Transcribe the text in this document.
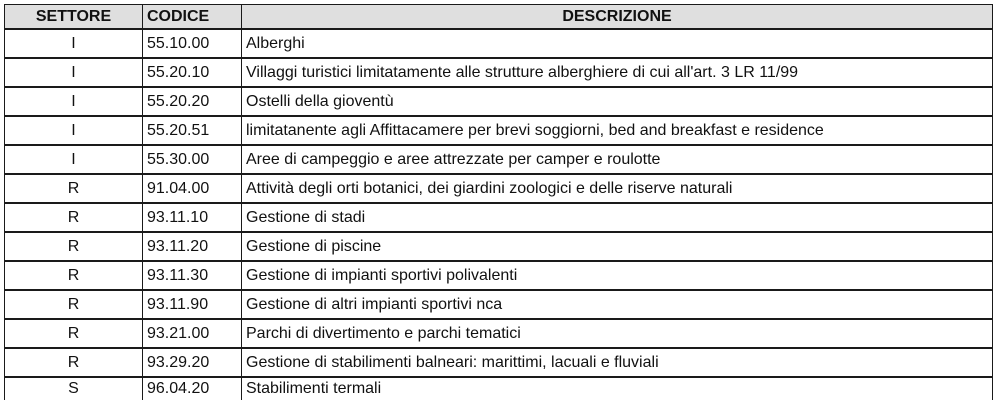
SETTORE	CODICE	DESCRIZIONE
I	55.10.00	Alberghi
I	55.20.10	Villaggi turistici limitatamente alle strutture alberghiere di cui all'art. 3 LR 11/99
I	55.20.20	Ostelli della gioventù
I	55.20.51	limitatanente agli Affittacamere per brevi soggiorni, bed and breakfast e residence
I	55.30.00	Aree di campeggio e aree attrezzate per camper e roulotte
R	91.04.00	Attività degli orti botanici, dei giardini zoologici e delle riserve naturali
R	93.11.10	Gestione di stadi
R	93.11.20	Gestione di piscine
R	93.11.30	Gestione di impianti sportivi polivalenti
R	93.11.90	Gestione di altri impianti sportivi nca
R	93.21.00	Parchi di divertimento e parchi tematici
R	93.29.20	Gestione di stabilimenti balneari: marittimi, lacuali e fluviali
S	96.04.20	Stabilimenti termali
